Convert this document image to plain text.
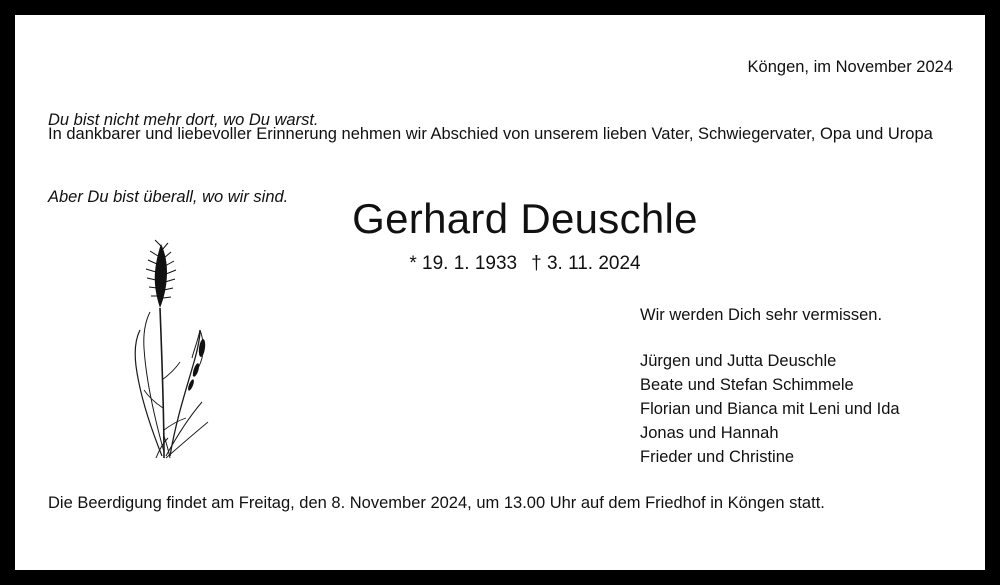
Du bist nicht mehr dort, wo Du warst.

Aber Du bist überall, wo wir sind.

Köngen, im November 2024
In dankbarer und liebevoller Erinnerung nehmen wir Abschied von unserem lieben Vater, Schwiegervater, Opa und Uropa
Gerhard Deuschle
* 19. 1. 1933 † 3. 11. 2024
Wir werden Dich sehr vermissen.
Jürgen und Jutta Deuschle
Beate und Stefan Schimmele
Florian und Bianca mit Leni und Ida
Jonas und Hannah
Frieder und Christine
Die Beerdigung findet am Freitag, den 8. November 2024, um 13.00 Uhr auf dem Friedhof in Köngen statt.
